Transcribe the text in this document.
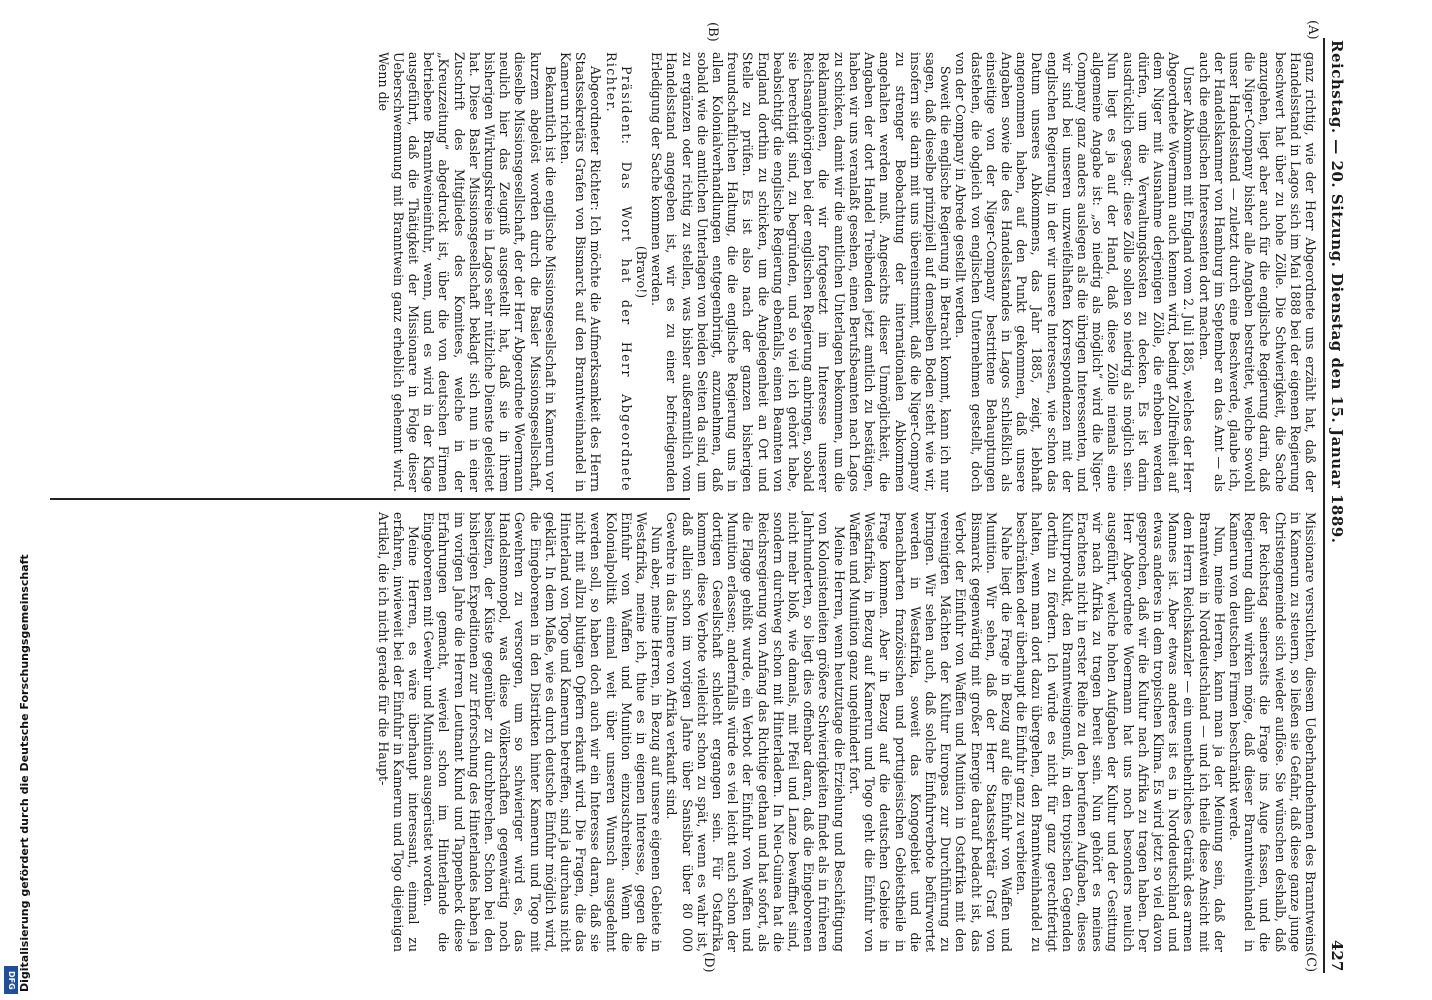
Reichstag. — 20. Sitzung. Dienstag den 15. Januar 1889.
427
(A)
(B)
(C)
(D)

ganz richtig, wie der Herr Abgeordnete uns erzählt hat, daß der Handelsstand in Lagos sich im Mai 1888 bei der eigenen Regierung beschwert hat über zu hohe Zölle. Die Schwierigkeit, die Sache anzugehen, liegt aber auch für die englische Regierung darin, daß die Niger-Company bisher alle Angaben bestreitet, welche sowohl unser Handelsstand — zuletzt durch eine Beschwerde, glaube ich, der Handelskammer von Hamburg im September an das Amt — als auch die englischen Interessenten dort machen.

Unser Abkommen mit England vom 2. Juli 1885, welches der Herr Abgeordnete Woermann auch kennen wird, bedingt Zollfreiheit auf dem Niger mit Ausnahme derjenigen Zölle, die erhoben werden dürfen, um die Verwaltungskosten zu decken. Es ist darin ausdrücklich gesagt: diese Zölle sollen so niedrig als möglich sein. Nun liegt es ja auf der Hand, daß diese Zölle niemals eine allgemeine Angabe ist: „so niedrig als möglich“ wird die Niger-Company ganz anders auslegen als die übrigen Interessenten, und wir sind bei unseren unzweifelhaften Korrespondenzen mit der englischen Regierung, in der wir unsere Interessen, wie schon das Datum unseres Abkommens, das Jahr 1885, zeigt, lebhaft angenommen haben, auf den Punkt gekommen, daß unsere Angaben sowie die des Handelsstandes in Lagos schließlich als einseitige von der Niger-Company bestrittene Behauptungen dastehen, die obgleich von englischen Unternehmen gestellt, doch von der Company in Abrede gestellt werden.

Soweit die englische Regierung in Betracht kommt, kann ich nur sagen, daß dieselbe prinzipiell auf demselben Boden steht wie wir, insofern sie darin mit uns übereinstimmt, daß die Niger-Company zu strenger Beobachtung der internationalen Abkommen angehalten werden muß. Angesichts dieser Unmöglichkeit, die Angaben der dort Handel Treibenden jetzt amtlich zu bestätigen, haben wir uns veranlaßt gesehen, einen Berufsbeamten nach Lagos zu schicken, damit wir die amtlichen Unterlagen bekommen, um die Reklamationen, die wir fortgesetzt im Interesse unserer Reichsangehörigen bei der englischen Regierung anbringen, sobald sie berechtigt sind, zu begründen, und so viel ich gehört habe, beabsichtigt die englische Regierung ebenfalls, einen Beamten von England dorthin zu schicken, um die Angelegenheit an Ort und Stelle zu prüfen. Es ist also nach der ganzen bisherigen freundschaftlichen Haltung, die die englische Regierung uns in allen Kolonialverhandlungen entgegenbringt, anzunehmen, daß sobald wie die amtlichen Unterlagen von beiden Seiten da sind, um zu ergänzen oder richtig zu stellen, was bisher außeramtlich vom Handelsstand angegeben ist, wir es zu einer befriedigenden Erledigung der Sache kommen werden.

(Bravo!)

Präsident: Das Wort hat der Herr Abgeordnete Richter.

Abgeordneter Richter: Ich möchte die Aufmerksamkeit des Herrn Staatssekretärs Grafen von Bismarck auf den Branntweinhandel in Kamerun richten.

Bekanntlich ist die englische Missionsgesellschaft in Kamerun vor kurzem abgelöst worden durch die Basler Missionsgesellschaft, dieselbe Missionsgesellschaft, der der Herr Abgeordnete Woermann neulich hier das Zeugniß ausgestellt hat, daß sie in ihrem bisherigen Wirkungskreise in Lagos sehr nützliche Dienste geleistet hat. Diese Basler Missionsgesellschaft beklagt sich nun in einer Zuschrift des Mitgliedes des Komitees, welche in der „Kreuzzeitung“ abgedruckt ist, über die von deutschen Firmen betriebene Branntweineinfuhr, wenn, und es wird in der Klage ausgeführt, daß die Thätigkeit der Missionare in Folge dieser Ueberschwemmung mit Branntwein ganz erheblich gehemmt wird. Wenn die

Missionare versuchten, diesem Ueberhandnehmen des Branntweins in Kamerun zu steuern, so ließen sie Gefahr, daß diese ganze junge Christengemeinde sich wieder auflöse. Sie wünschen deshalb, daß der Reichstag seinerseits die Frage ins Auge fassen, und die Regierung dahin wirken möge, daß dieser Branntweinhandel in Kamerun von deutschen Firmen beschränkt werde.

Nun, meine Herren, kann man ja der Meinung sein, daß der Branntwein in Norddeutschland — und ich theile diese Ansicht mit dem Herrn Reichskanzler — ein unentbehrliches Getränk des armen Mannes ist. Aber etwas anderes ist es in Norddeutschland und etwas anderes in dem tropischen Klima. Es wird jetzt so viel davon gesprochen, daß wir die Kultur nach Afrika zu tragen haben. Der Herr Abgeordnete Woermann hat uns noch besonders neulich ausgeführt, welche hohen Aufgaben der Kultur und der Gesittung wir nach Afrika zu tragen bereit sein. Nun gehört es meines Erachtens nicht in erster Reihe zu den berufenen Aufgaben, dieses Kulturprodukt, den Branntweingenuß, in den tropischen Gegenden dorthin zu fördern. Ich würde es nicht für ganz gerechtfertigt halten, wenn man dort dazu übergehen, den Branntweinhandel zu beschränken oder überhaupt die Einfuhr ganz zu verbieten.

Nahe liegt die Frage in Bezug auf die Einfuhr von Waffen und Munition. Wir sehen, daß der Herr Staatssekretär Graf von Bismarck gegenwärtig mit großer Energie darauf bedacht ist, das Verbot der Einfuhr von Waffen und Munition in Ostafrika mit den vereinigten Mächten der Kultur Europas zur Durchführung zu bringen. Wir sehen auch, daß solche Einfuhrverbote befürwortet werden in Westafrika, soweit das Kongogebiet und die benachbarten französischen und portugiesischen Gebietstheile in Frage kommen. Aber in Bezug auf die deutschen Gebiete in Westafrika, in Bezug auf Kamerun und Togo geht die Einfuhr von Waffen und Munition ganz ungehindert fort.

Meine Herren, wenn heutzutage die Erziehung und Beschäftigung von Kolonistenleiten größere Schwierigkeiten findet als in früheren Jahrhunderten, so liegt dies offenbar daran, daß die Eingeborenen nicht mehr bloß, wie damals, mit Pfeil und Lanze bewaffnet sind, sondern durchweg schon mit Hinterladern. In Neu-Guinea hat die Reichsregierung von Anfang das Richtige gethan und hat sofort, als die Flagge gehißt wurde, ein Verbot der Einfuhr von Waffen und Munition erlassen; andernfalls würde es viel leicht auch schon der dortigen Gesellschaft schlecht ergangen sein. Für Ostafrika kommen diese Verbote vielleicht schon zu spät, wenn es wahr ist, daß allein schon im vorigen Jahre über Sansibar über 80 000 Gewehre in das Innere von Afrika verkauft sind.

Nun aber, meine Herren, in Bezug auf unsere eigenen Gebiete in Westafrika, meine ich, thue es in eigenen Interesse, gegen die Einfuhr von Waffen und Munition einzuschreiten. Wenn die Kolonialpolitik einmal weit über unseren Wunsch ausgedehnt werden soll, so haben doch auch wir ein Interesse daran, daß sie nicht mit allzu blutigen Opfern erkauft wird. Die Fragen, die das Hinterland von Togo und Kamerun betreffen, sind ja durchaus nicht geklärt. In dem Maße, wie es durch deutsche Einfuhr möglich wird, die Eingeborenen in den Distrikten hinter Kamerun und Togo mit Gewehren zu versorgen, um so schwieriger wird es, das Handelsmonopol, was diese Völkerschaften gegenwärtig noch besitzen, der Küste gegenüber zu durchbrechen. Schon bei den bisherigen Expeditionen zur Erforschung des Hinterlandes haben ja im vorigen Jahre die Herren Leutnant Kund und Tappenbeck diese Erfahrungen gemacht, wieviel schon im Hinterlande die Eingeborenen mit Gewehr und Munition ausgerüstet worden.

Meine Herren, es wäre überhaupt interessant, einmal zu erfahren, inwieweit bei der Einfuhr in Kamerun und Togo diejenigen Artikel, die ich nicht gerade für die Haupt-

Digitalisierung gefördert durch die Deutsche Forschungsgemeinschaft
DFG
